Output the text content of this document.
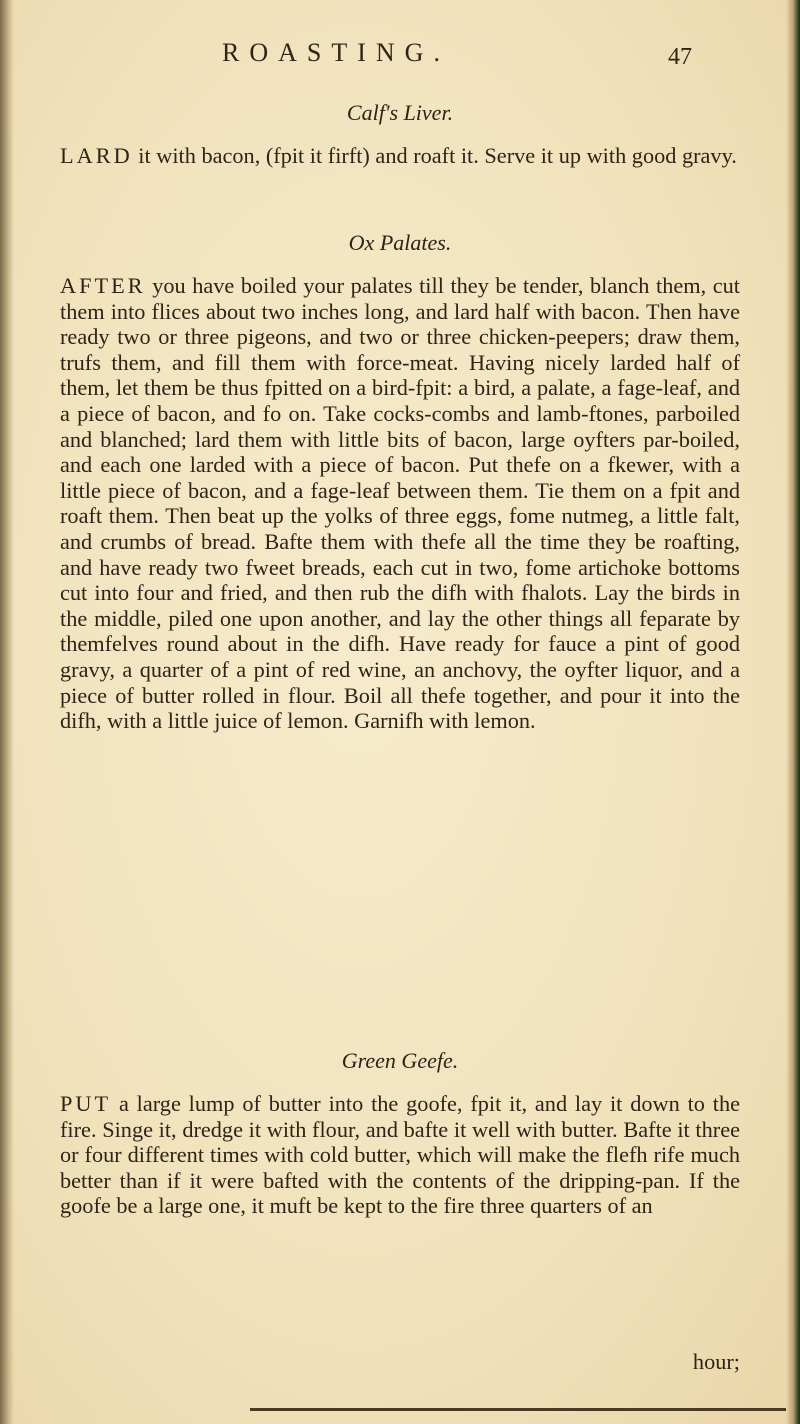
ROASTING.	47
Calf's Liver.
LARD it with bacon, (fpit it firft) and roaft it. Serve it up with good gravy.
Ox Palates.
AFTER you have boiled your palates till they be tender, blanch them, cut them into flices about two inches long, and lard half with bacon. Then have ready two or three pigeons, and two or three chicken-peepers; draw them, trufs them, and fill them with force-meat. Having nicely larded half of them, let them be thus fpitted on a bird-fpit: a bird, a palate, a fage-leaf, and a piece of bacon, and fo on. Take cocks-combs and lamb-ftones, parboiled and blanched; lard them with little bits of bacon, large oyfters par-boiled, and each one larded with a piece of bacon. Put thefe on a fkewer, with a little piece of bacon, and a fage-leaf between them. Tie them on a fpit and roaft them. Then beat up the yolks of three eggs, fome nutmeg, a little falt, and crumbs of bread. Bafte them with thefe all the time they be roafting, and have ready two fweet breads, each cut in two, fome artichoke bottoms cut into four and fried, and then rub the difh with fhalots. Lay the birds in the middle, piled one upon another, and lay the other things all feparate by themfelves round about in the difh. Have ready for fauce a pint of good gravy, a quarter of a pint of red wine, an anchovy, the oyfter liquor, and a piece of butter rolled in flour. Boil all thefe together, and pour it into the difh, with a little juice of lemon. Garnifh with lemon.
Green Geefe.
PUT a large lump of butter into the goofe, fpit it, and lay it down to the fire. Singe it, dredge it with flour, and bafte it well with butter. Bafte it three or four different times with cold butter, which will make the flefh rife much better than if it were bafted with the contents of the dripping-pan. If the goofe be a large one, it muft be kept to the fire three quarters of an
hour;
